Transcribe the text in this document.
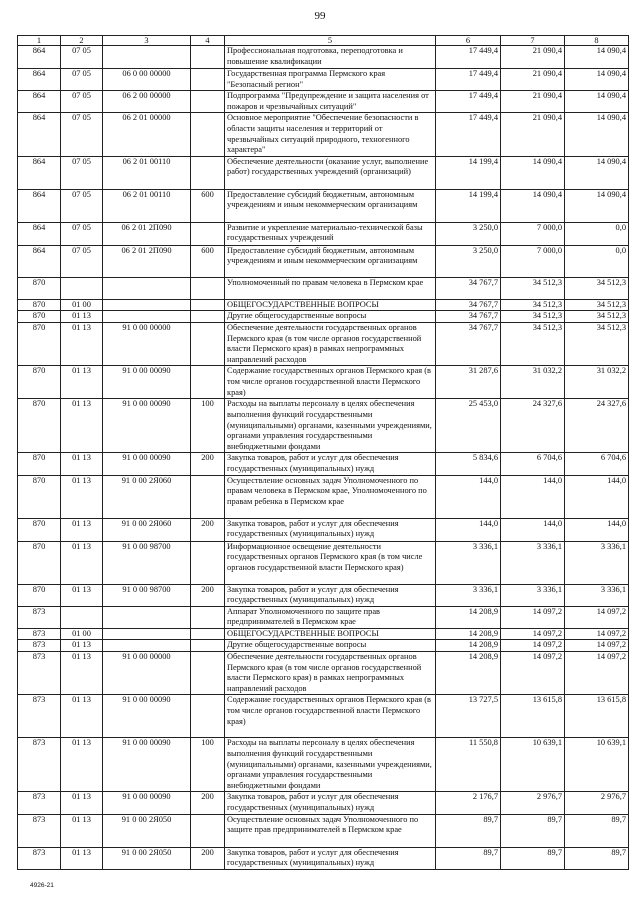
99
1	2	3	4	5	6	7	8
864	07 05			Профессиональная подготовка, переподготовка и повышение квалификации	17 449,4	21 090,4	14 090,4
864	07 05	06 0 00 00000		Государственная программа Пермского края "Безопасный регион"	17 449,4	21 090,4	14 090,4
864	07 05	06 2 00 00000		Подпрограмма "Предупреждение и защита населения от пожаров и чрезвычайных ситуаций"	17 449,4	21 090,4	14 090,4
864	07 05	06 2 01 00000		Основное мероприятие "Обеспечение безопасности в области защиты населения и территорий от чрезвычайных ситуаций природного, техногенного характера"	17 449,4	21 090,4	14 090,4
864	07 05	06 2 01 00110		Обеспечение деятельности (оказание услуг, выполнение работ) государственных учреждений (организаций)	14 199,4	14 090,4	14 090,4
864	07 05	06 2 01 00110	600	Предоставление субсидий бюджетным, автономным учреждениям и иным некоммерческим организациям	14 199,4	14 090,4	14 090,4
864	07 05	06 2 01 2П090		Развитие и укрепление материально-технической базы государственных учреждений	3 250,0	7 000,0	0,0
864	07 05	06 2 01 2П090	600	Предоставление субсидий бюджетным, автономным учреждениям и иным некоммерческим организациям	3 250,0	7 000,0	0,0
870				Уполномоченный по правам человека в Пермском крае	34 767,7	34 512,3	34 512,3
870	01 00			ОБЩЕГОСУДАРСТВЕННЫЕ ВОПРОСЫ	34 767,7	34 512,3	34 512,3
870	01 13			Другие общегосударственные вопросы	34 767,7	34 512,3	34 512,3
870	01 13	91 0 00 00000		Обеспечение деятельности государственных органов Пермского края (в том числе органов государственной власти Пермского края) в рамках непрограммных направлений расходов	34 767,7	34 512,3	34 512,3
870	01 13	91 0 00 00090		Содержание государственных органов Пермского края (в том числе органов государственной власти Пермского края)	31 287,6	31 032,2	31 032,2
870	01 13	91 0 00 00090	100	Расходы на выплаты персоналу в целях обеспечения выполнения функций государственными (муниципальными) органами, казенными учреждениями, органами управления государственными внебюджетными фондами	25 453,0	24 327,6	24 327,6
870	01 13	91 0 00 00090	200	Закупка товаров, работ и услуг для обеспечения государственных (муниципальных) нужд	5 834,6	6 704,6	6 704,6
870	01 13	91 0 00 2Я060		Осуществление основных задач Уполномоченного по правам человека в Пермском крае, Уполномоченного по правам ребенка в Пермском крае	144,0	144,0	144,0
870	01 13	91 0 00 2Я060	200	Закупка товаров, работ и услуг для обеспечения государственных (муниципальных) нужд	144,0	144,0	144,0
870	01 13	91 0 00 98700		Информационное освещение деятельности государственных органов Пермского края (в том числе органов государственной власти Пермского края)	3 336,1	3 336,1	3 336,1
870	01 13	91 0 00 98700	200	Закупка товаров, работ и услуг для обеспечения государственных (муниципальных) нужд	3 336,1	3 336,1	3 336,1
873				Аппарат Уполномоченного по защите прав предпринимателей в Пермском крае	14 208,9	14 097,2	14 097,2
873	01 00			ОБЩЕГОСУДАРСТВЕННЫЕ ВОПРОСЫ	14 208,9	14 097,2	14 097,2
873	01 13			Другие общегосударственные вопросы	14 208,9	14 097,2	14 097,2
873	01 13	91 0 00 00000		Обеспечение деятельности государственных органов Пермского края (в том числе органов государственной власти Пермского края) в рамках непрограммных направлений расходов	14 208,9	14 097,2	14 097,2
873	01 13	91 0 00 00090		Содержание государственных органов Пермского края (в том числе органов государственной власти Пермского края)	13 727,5	13 615,8	13 615,8
873	01 13	91 0 00 00090	100	Расходы на выплаты персоналу в целях обеспечения выполнения функций государственными (муниципальными) органами, казенными учреждениями, органами управления государственными внебюджетными фондами	11 550,8	10 639,1	10 639,1
873	01 13	91 0 00 00090	200	Закупка товаров, работ и услуг для обеспечения государственных (муниципальных) нужд	2 176,7	2 976,7	2 976,7
873	01 13	91 0 00 2Я050		Осуществление основных задач Уполномоченного по защите прав предпринимателей в Пермском крае	89,7	89,7	89,7
873	01 13	91 0 00 2Я050	200	Закупка товаров, работ и услуг для обеспечения государственных (муниципальных) нужд	89,7	89,7	89,7
4926-21
